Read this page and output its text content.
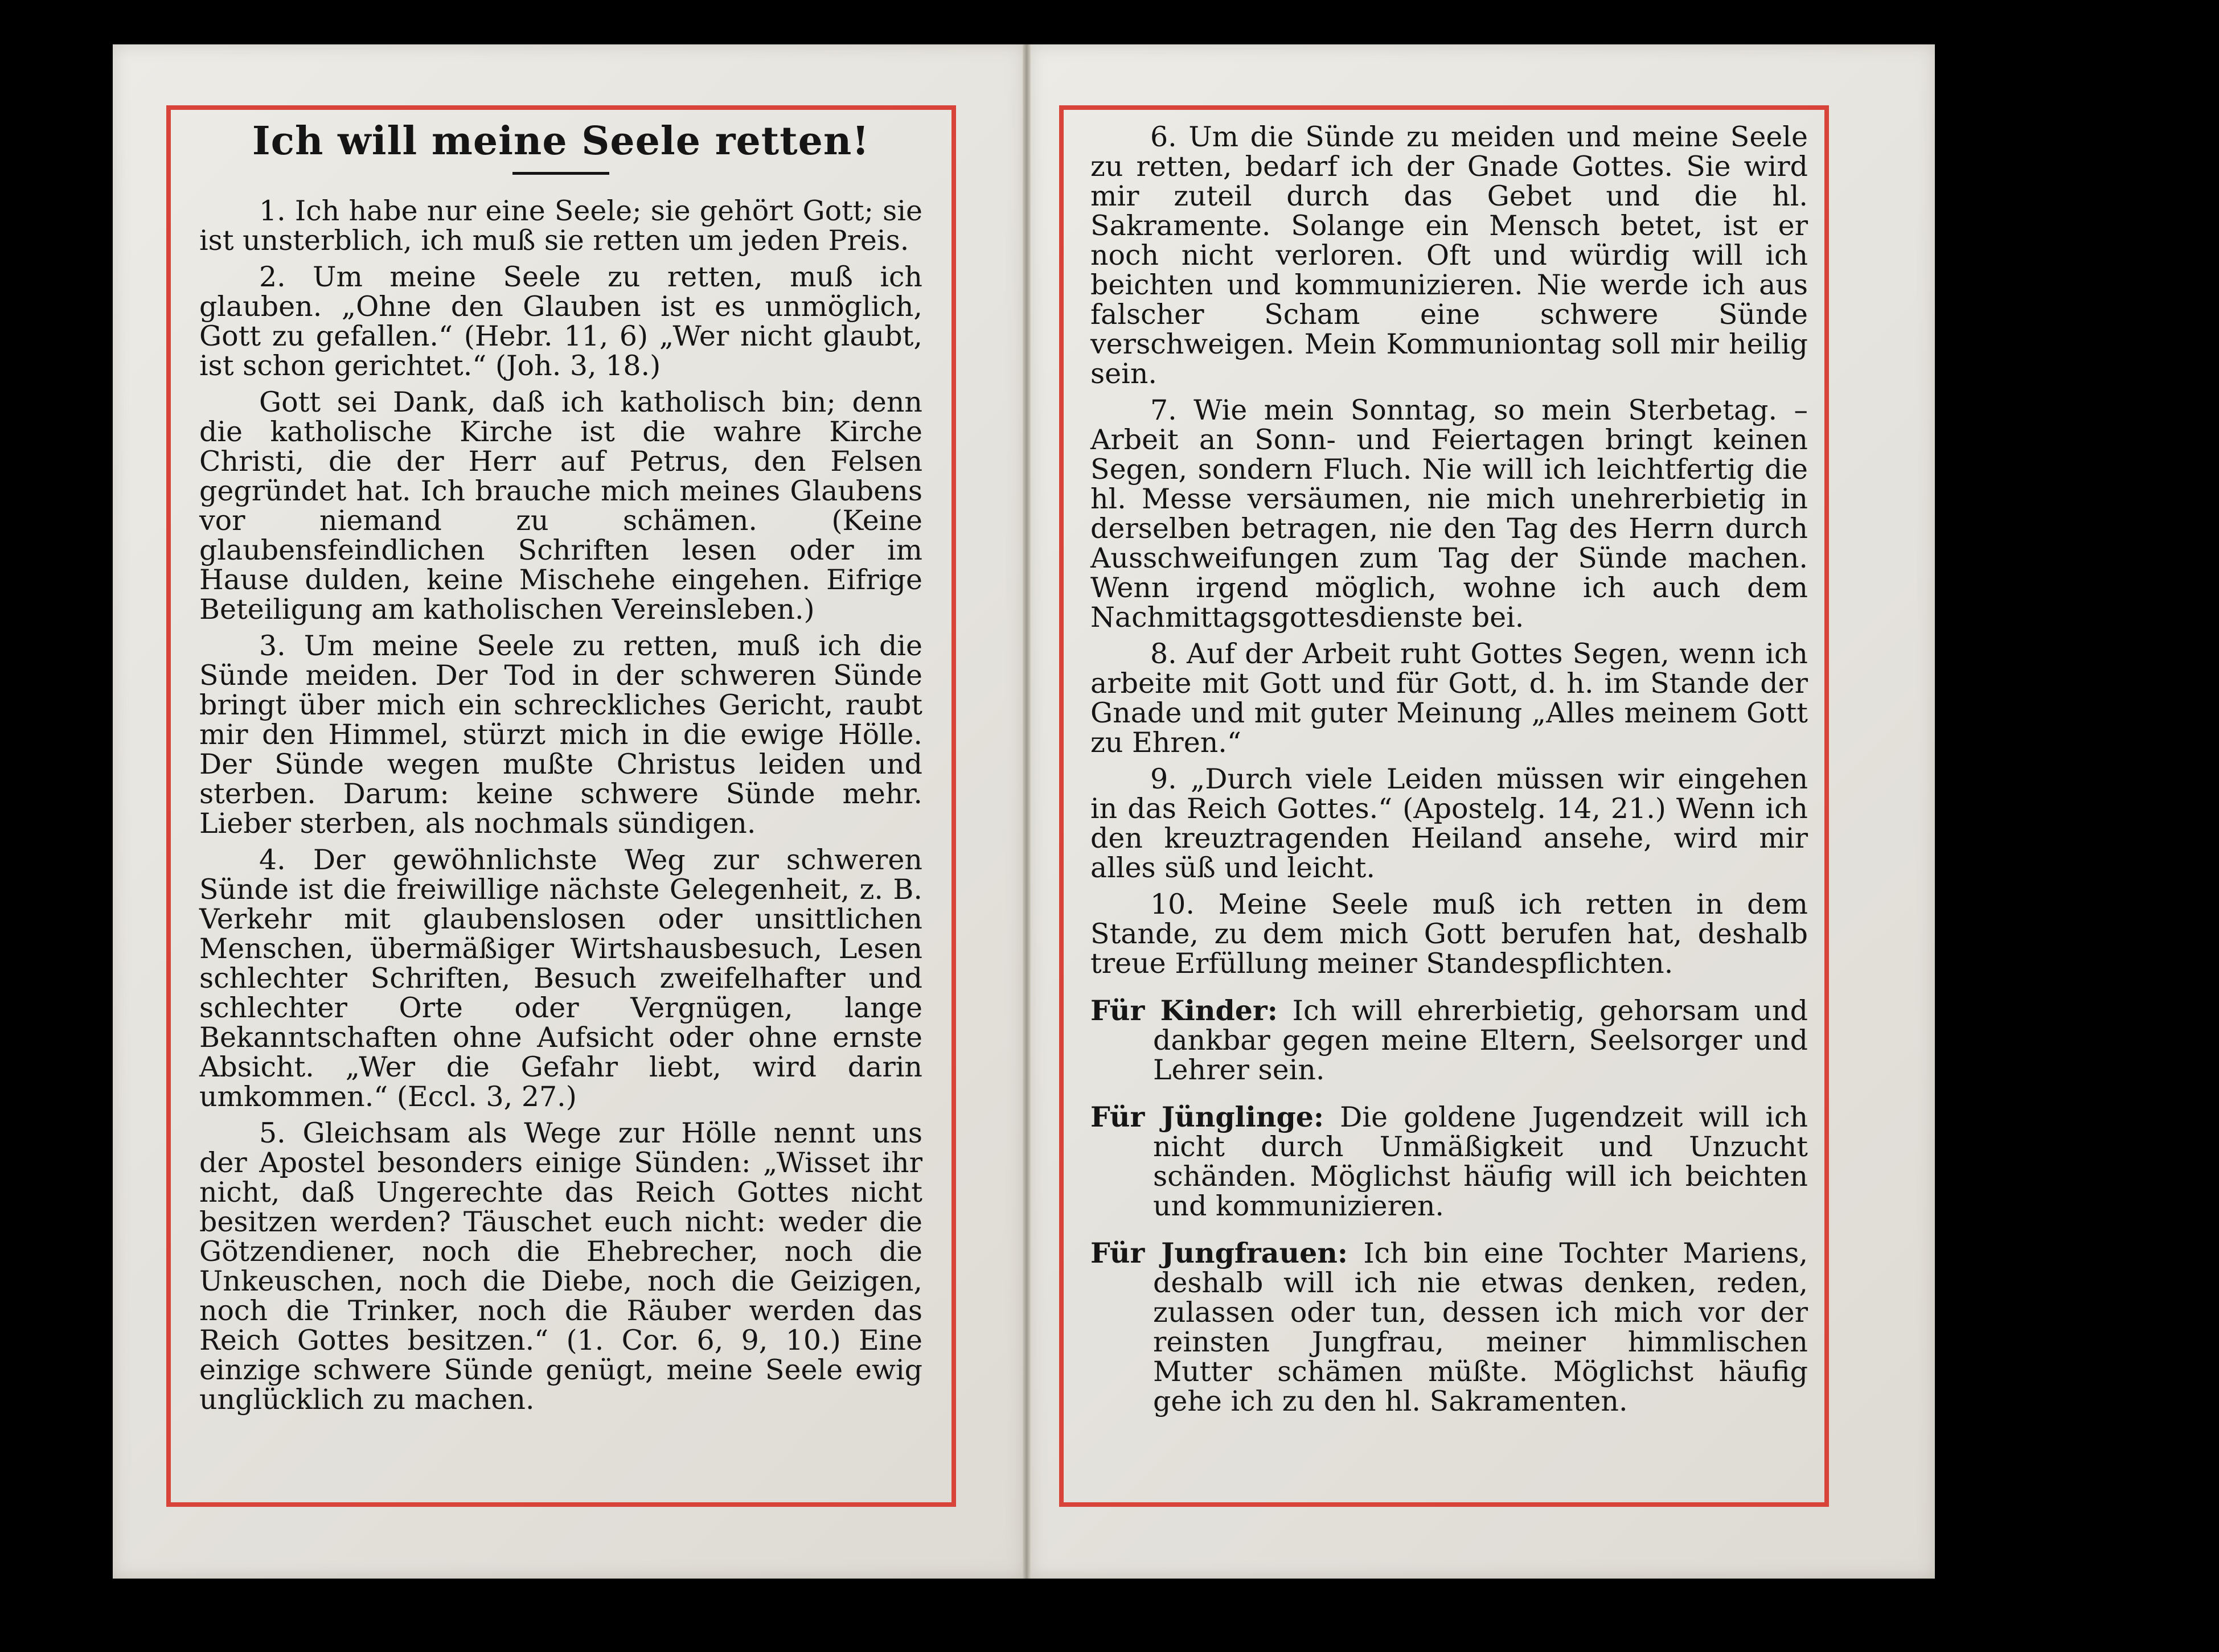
Ich will meine Seele retten!

1. Ich habe nur eine Seele; sie gehört Gott; sie ist unsterblich, ich muß sie retten um jeden Preis.

2. Um meine Seele zu retten, muß ich glauben. „Ohne den Glauben ist es unmöglich, Gott zu gefallen.“ (Hebr. 11, 6) „Wer nicht glaubt, ist schon gerichtet.“ (Joh. 3, 18.)

Gott sei Dank, daß ich katholisch bin; denn die katholische Kirche ist die wahre Kirche Christi, die der Herr auf Petrus, den Felsen gegründet hat. Ich brauche mich meines Glaubens vor niemand zu schämen. (Keine glaubensfeindlichen Schriften lesen oder im Hause dulden, keine Mischehe eingehen. Eifrige Beteiligung am katholischen Vereinsleben.)

3. Um meine Seele zu retten, muß ich die Sünde meiden. Der Tod in der schweren Sünde bringt über mich ein schreckliches Gericht, raubt mir den Himmel, stürzt mich in die ewige Hölle. Der Sünde wegen mußte Christus leiden und sterben. Darum: keine schwere Sünde mehr. Lieber sterben, als nochmals sündigen.

4. Der gewöhnlichste Weg zur schweren Sünde ist die freiwillige nächste Gelegenheit, z. B. Verkehr mit glaubenslosen oder unsittlichen Menschen, übermäßiger Wirtshausbesuch, Lesen schlechter Schriften, Besuch zweifelhafter und schlechter Orte oder Vergnügen, lange Bekanntschaften ohne Aufsicht oder ohne ernste Absicht. „Wer die Gefahr liebt, wird darin umkommen.“ (Eccl. 3, 27.)

5. Gleichsam als Wege zur Hölle nennt uns der Apostel besonders einige Sünden: „Wisset ihr nicht, daß Ungerechte das Reich Gottes nicht besitzen werden? Täuschet euch nicht: weder die Götzendiener, noch die Ehebrecher, noch die Unkeuschen, noch die Diebe, noch die Geizigen, noch die Trinker, noch die Räuber werden das Reich Gottes besitzen.“ (1. Cor. 6, 9, 10.) Eine einzige schwere Sünde genügt, meine Seele ewig unglücklich zu machen.

6. Um die Sünde zu meiden und meine Seele zu retten, bedarf ich der Gnade Gottes. Sie wird mir zuteil durch das Gebet und die hl. Sakramente. Solange ein Mensch betet, ist er noch nicht verloren. Oft und würdig will ich beichten und kommunizieren. Nie werde ich aus falscher Scham eine schwere Sünde verschweigen. Mein Kommuniontag soll mir heilig sein.

7. Wie mein Sonntag, so mein Sterbetag. – Arbeit an Sonn- und Feiertagen bringt keinen Segen, sondern Fluch. Nie will ich leichtfertig die hl. Messe versäumen, nie mich unehrerbietig in derselben betragen, nie den Tag des Herrn durch Ausschweifungen zum Tag der Sünde machen. Wenn irgend möglich, wohne ich auch dem Nachmittagsgottesdienste bei.

8. Auf der Arbeit ruht Gottes Segen, wenn ich arbeite mit Gott und für Gott, d. h. im Stande der Gnade und mit guter Meinung „Alles meinem Gott zu Ehren.“

9. „Durch viele Leiden müssen wir eingehen in das Reich Gottes.“ (Apostelg. 14, 21.) Wenn ich den kreuztragenden Heiland ansehe, wird mir alles süß und leicht.

10. Meine Seele muß ich retten in dem Stande, zu dem mich Gott berufen hat, deshalb treue Erfüllung meiner Standespflichten.

Für Kinder: Ich will ehrerbietig, gehorsam und dankbar gegen meine Eltern, Seelsorger und Lehrer sein.
Für Jünglinge: Die goldene Jugendzeit will ich nicht durch Unmäßigkeit und Unzucht schänden. Möglichst häufig will ich beichten und kommunizieren.
Für Jungfrauen: Ich bin eine Tochter Mariens, deshalb will ich nie etwas denken, reden, zulassen oder tun, dessen ich mich vor der reinsten Jungfrau, meiner himmlischen Mutter schämen müßte. Möglichst häufig gehe ich zu den hl. Sakramenten.
